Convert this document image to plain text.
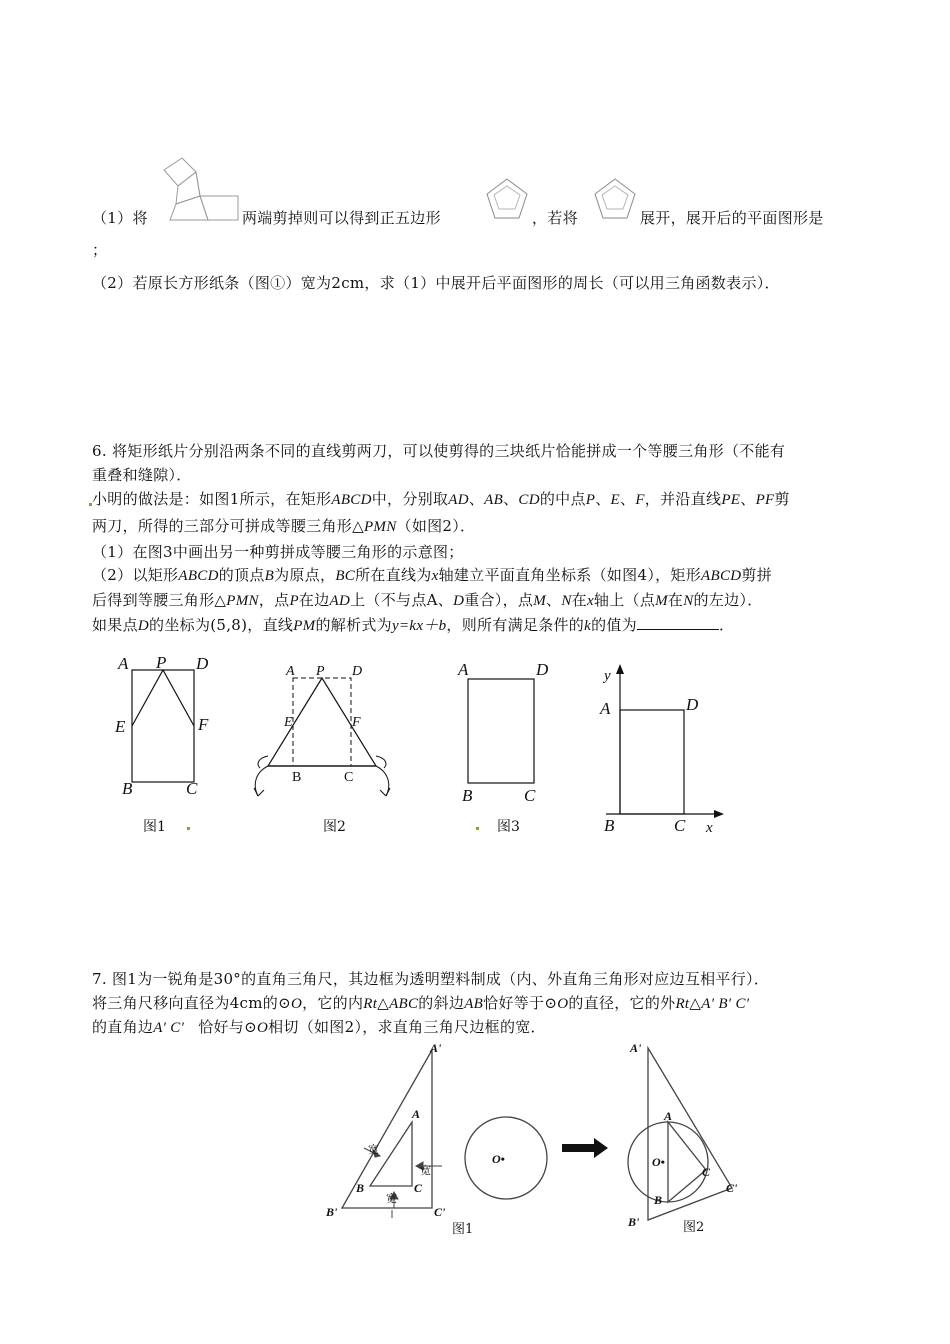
（1）将	两端剪掉则可以得到正五边形	，若将	展开，展开后的平面图形是
；
（2）若原长方形纸条（图①）宽为2cm，求（1）中展开后平面图形的周长（可以用三角函数表示）．
6. 将矩形纸片分别沿两条不同的直线剪两刀，可以使剪得的三块纸片恰能拼成一个等腰三角形（不能有
重叠和缝隙）．
小明的做法是：如图1所示，在矩形ABCD中，分别取AD、AB、CD的中点P、E、F，并沿直线PE、PF剪
两刀，所得的三部分可拼成等腰三角形△PMN（如图2）．
（1）在图3中画出另一种剪拼成等腰三角形的示意图；
（2）以矩形ABCD的顶点B为原点，BC所在直线为x轴建立平面直角坐标系（如图4），矩形ABCD剪拼
后得到等腰三角形△PMN，点P在边AD上（不与点A、D重合），点M、N在x轴上（点M在N的左边）．
如果点D的坐标为(5,8)，直线PM的解析式为y=kx＋b，则所有满足条件的k的值为	．
A P D
E	F
B	C
图1
A P D
E	F
B	C
图2
A	D
B	C
图3
y
A	D
B	C x
7. 图1为一锐角是30°的直角三角尺，其边框为透明塑料制成（内、外直角三角形对应边互相平行）．
将三角尺移向直径为4cm的⊙O，它的内Rt△ABC的斜边AB恰好等于⊙O的直径，它的外Rt△A′ B′ C′
的直角边A′ C′ 恰好与⊙O相切（如图2），求直角三角尺边框的宽．
A'
A
B	C
B'	C'
宽
宽
宽
O•
A'
A
O•
C
B
C'
B'
图1	图2
